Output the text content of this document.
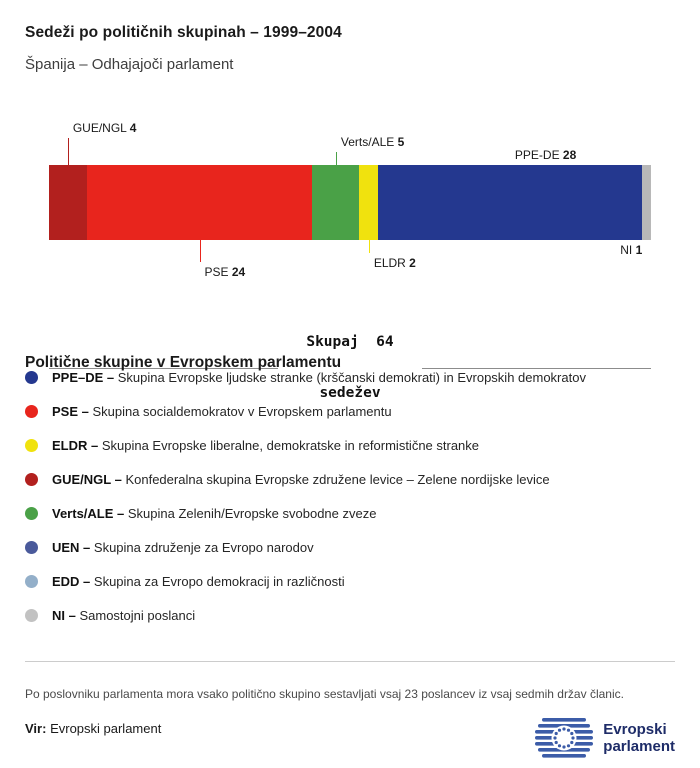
Sedeži po političnih skupinah – 1999–2004
Španija – Odhajajoči parlament
GUE/NGL 4
PSE 24
Verts/ALE 5
ELDR 2
PPE-DE 28
NI 1

Skupaj  64

sedežev

Politične skupine v Evropskem parlamentu
PPE–DE – Skupina Evropske ljudske stranke (krščanski demokrati) in Evropskih demokratov
PSE – Skupina socialdemokratov v Evropskem parlamentu
ELDR – Skupina Evropske liberalne, demokratske in reformistične stranke
GUE/NGL – Konfederalna skupina Evropske združene levice – Zelene nordijske levice
Verts/ALE – Skupina Zelenih/Evropske svobodne zveze
UEN – Skupina združenje za Evropo narodov
EDD – Skupina za Evropo demokracij in različnosti
NI – Samostojni poslanci

Po poslovniku parlamenta mora vsako politično skupino sestavljati vsaj 23 poslancev iz vsaj sedmih držav članic.

Vir: Evropski parlament	Evropski
parlament
